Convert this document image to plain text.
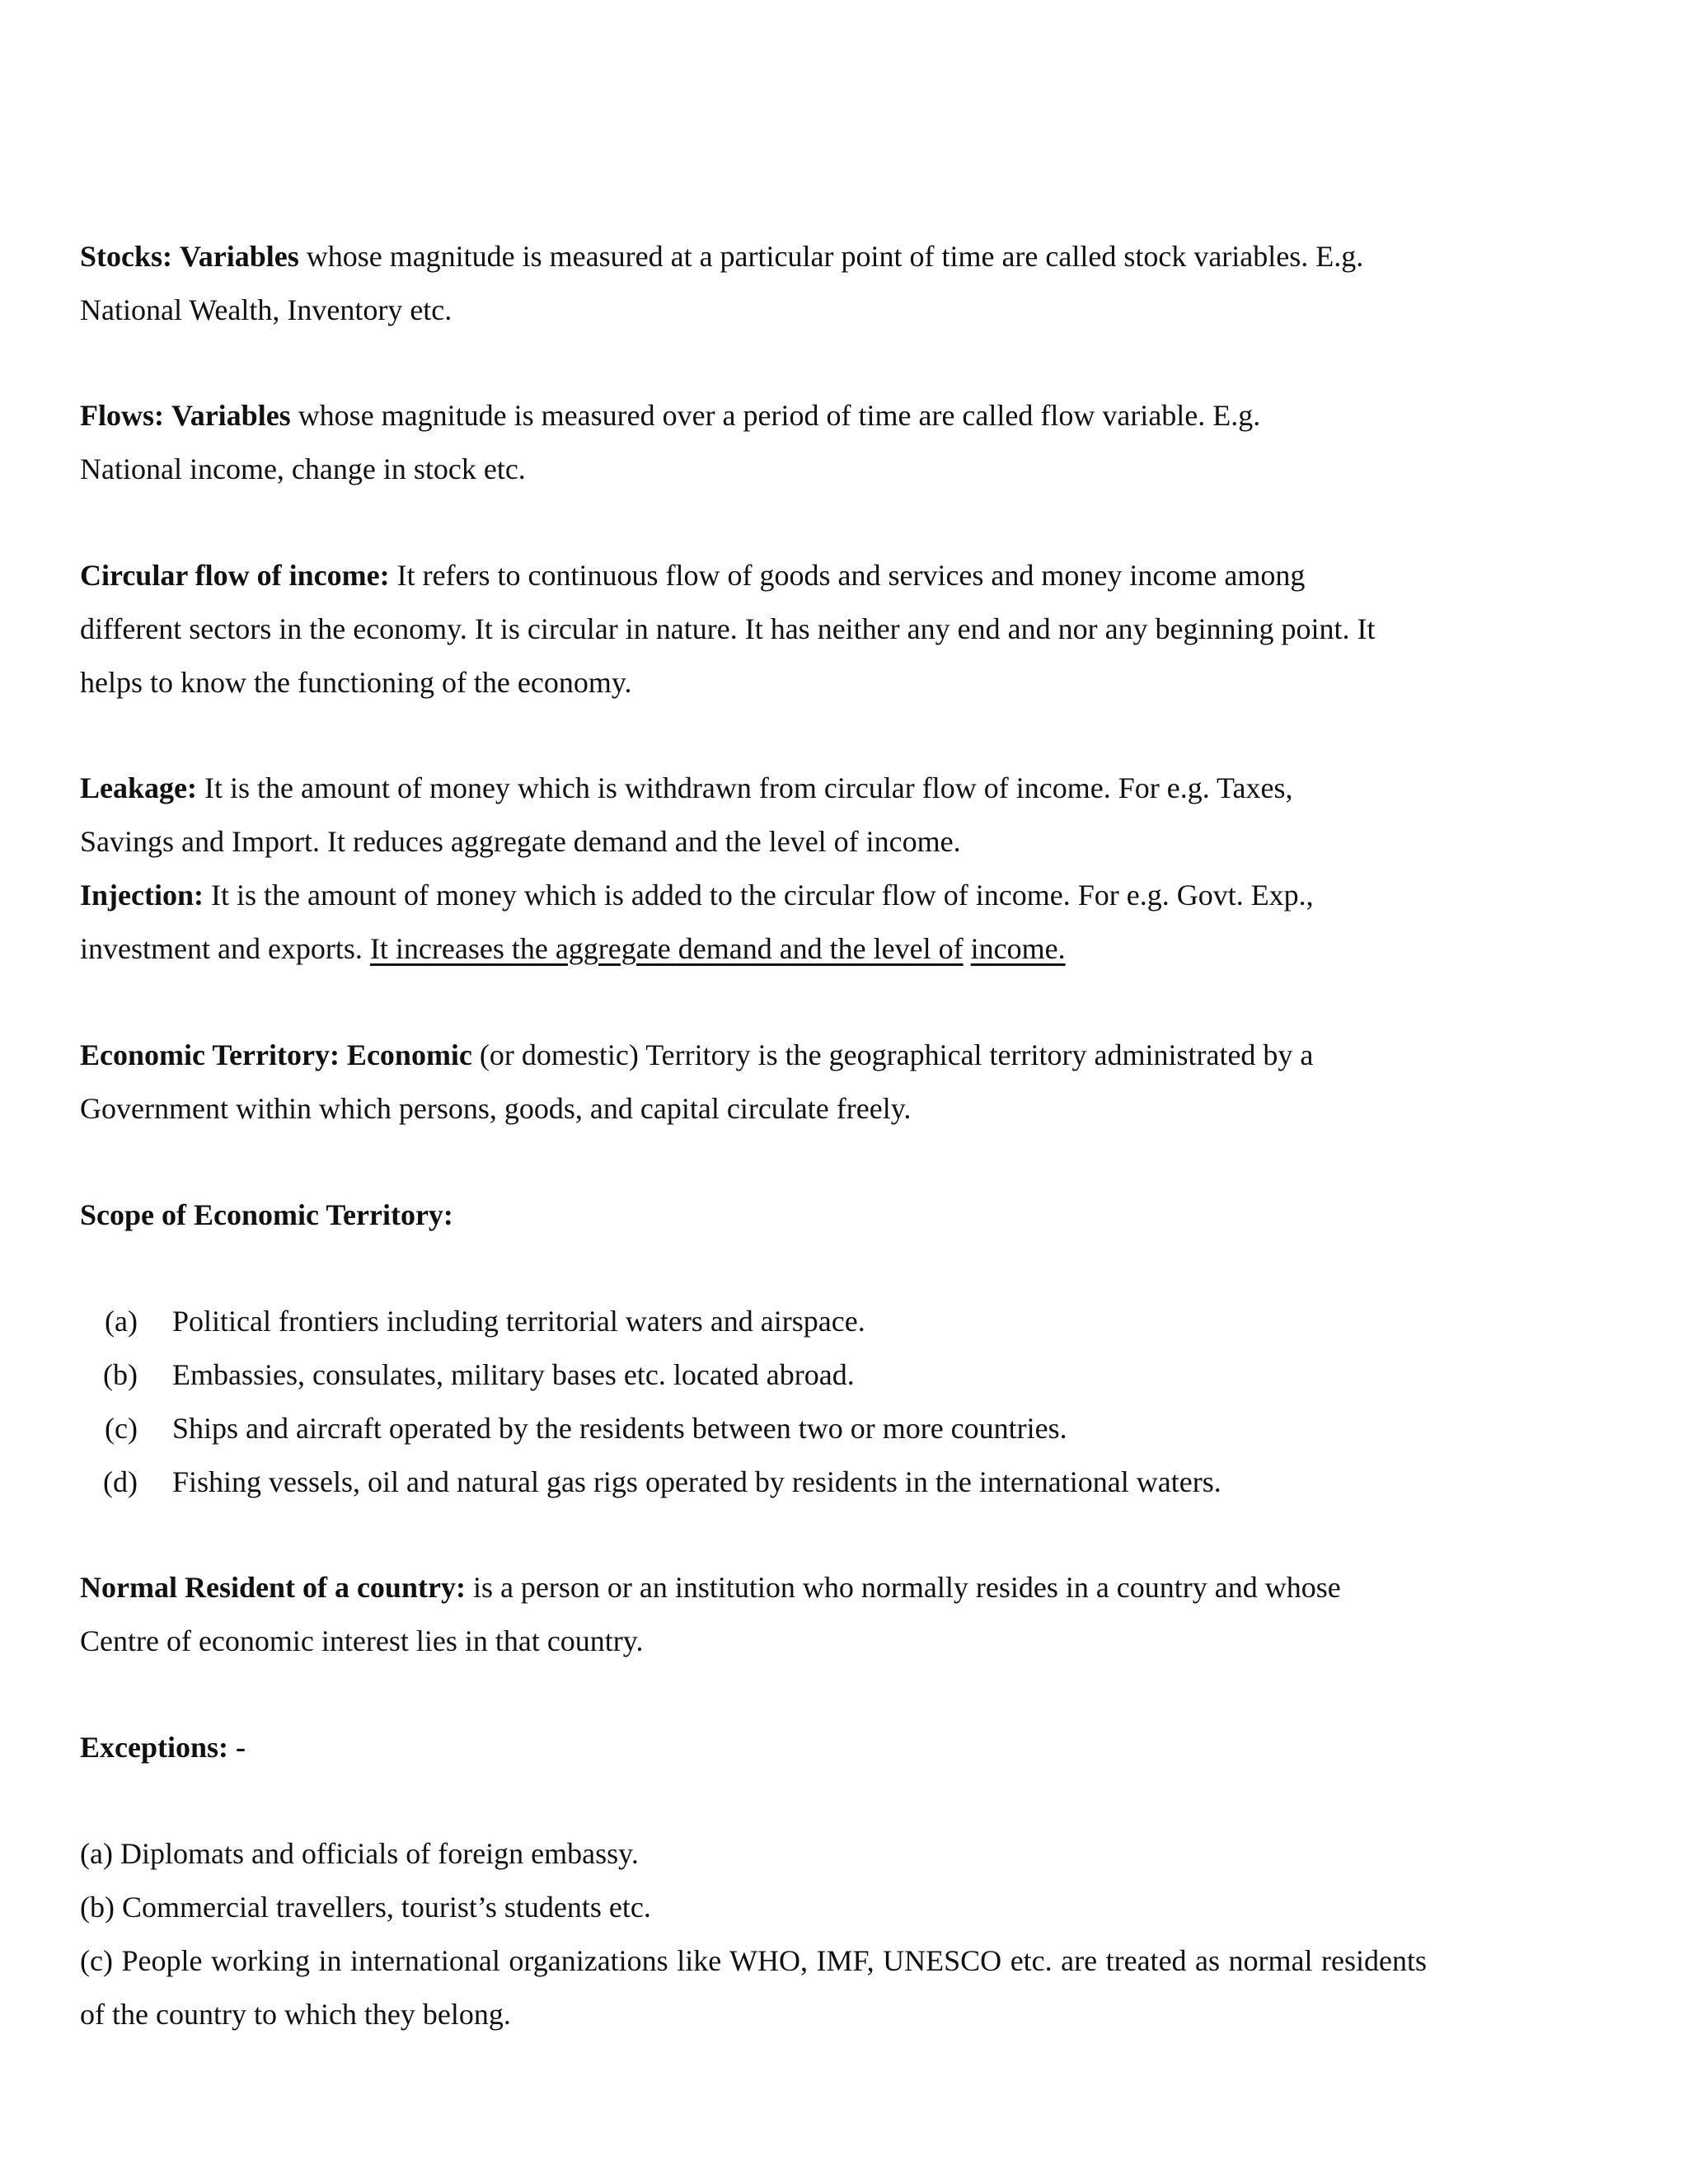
Stocks: Variables whose magnitude is measured at a particular point of time are called stock variables. E.g. National Wealth, Inventory etc.

Flows: Variables whose magnitude is measured over a period of time are called flow variable. E.g. National income, change in stock etc.

Circular flow of income: It refers to continuous flow of goods and services and money income among different sectors in the economy. It is circular in nature. It has neither any end and nor any beginning point. It helps to know the functioning of the economy.

Leakage: It is the amount of money which is withdrawn from circular flow of income. For e.g. Taxes, Savings and Import. It reduces aggregate demand and the level of income.

Injection: It is the amount of money which is added to the circular flow of income. For e.g. Govt. Exp., investment and exports. It increases the aggregate demand and the level of income.

Economic Territory: Economic (or domestic) Territory is the geographical territory administrated by a Government within which persons, goods, and capital circulate freely.

Scope of Economic Territory:

(a) Political frontiers including territorial waters and airspace.
(b) Embassies, consulates, military bases etc. located abroad.
(c) Ships and aircraft operated by the residents between two or more countries.
(d) Fishing vessels, oil and natural gas rigs operated by residents in the international waters.

Normal Resident of a country: is a person or an institution who normally resides in a country and whose Centre of economic interest lies in that country.

Exceptions: -

(a) Diplomats and officials of foreign embassy.

(b) Commercial travellers, tourist’s students etc.

(c) People working in international organizations like WHO, IMF, UNESCO etc. are treated as normal residents of the country to which they belong.
